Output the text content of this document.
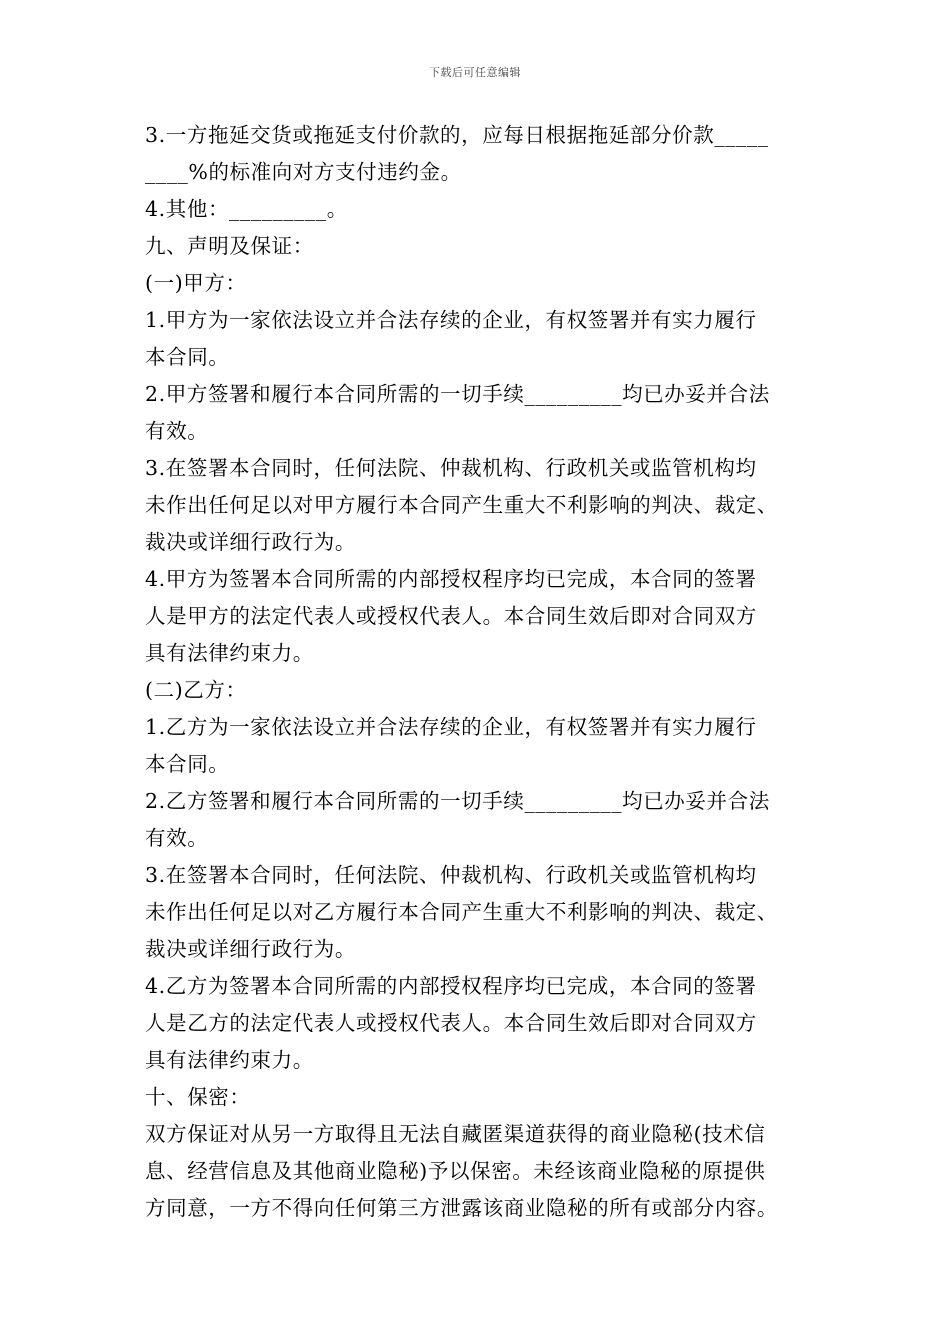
下载后可任意编辑
3.一方拖延交货或拖延支付价款的，应每日根据拖延部分价款_____
____%的标准向对方支付违约金。
4.其他：_________。
九、声明及保证：
(一)甲方：
1.甲方为一家依法设立并合法存续的企业，有权签署并有实力履行
本合同。
2.甲方签署和履行本合同所需的一切手续_________均已办妥并合法
有效。
3.在签署本合同时，任何法院、仲裁机构、行政机关或监管机构均
未作出任何足以对甲方履行本合同产生重大不利影响的判决、裁定、
裁决或详细行政行为。
4.甲方为签署本合同所需的内部授权程序均已完成，本合同的签署
人是甲方的法定代表人或授权代表人。本合同生效后即对合同双方
具有法律约束力。
(二)乙方：
1.乙方为一家依法设立并合法存续的企业，有权签署并有实力履行
本合同。
2.乙方签署和履行本合同所需的一切手续_________均已办妥并合法
有效。
3.在签署本合同时，任何法院、仲裁机构、行政机关或监管机构均
未作出任何足以对乙方履行本合同产生重大不利影响的判决、裁定、
裁决或详细行政行为。
4.乙方为签署本合同所需的内部授权程序均已完成，本合同的签署
人是乙方的法定代表人或授权代表人。本合同生效后即对合同双方
具有法律约束力。
十、保密：
双方保证对从另一方取得且无法自藏匿渠道获得的商业隐秘(技术信
息、经营信息及其他商业隐秘)予以保密。未经该商业隐秘的原提供
方同意，一方不得向任何第三方泄露该商业隐秘的所有或部分内容。
